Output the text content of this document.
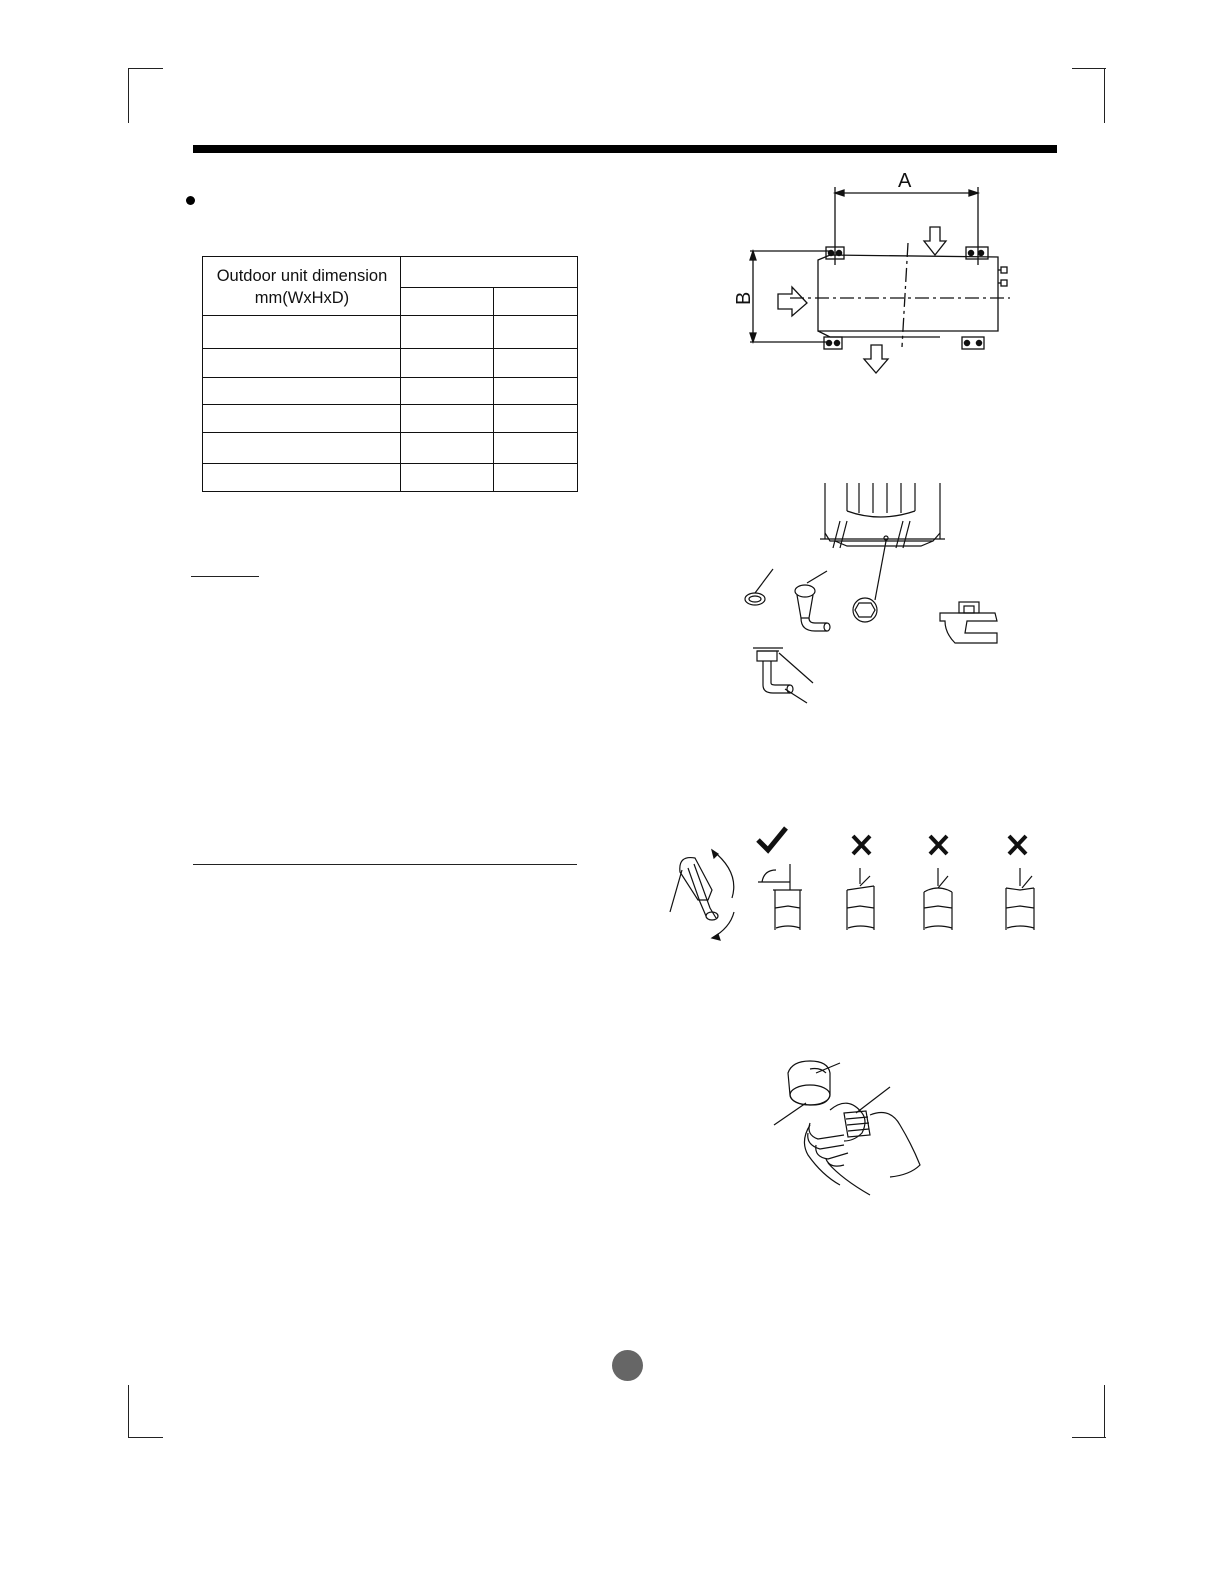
Outdoor unit dimension
mm(WxHxD)
A
B
